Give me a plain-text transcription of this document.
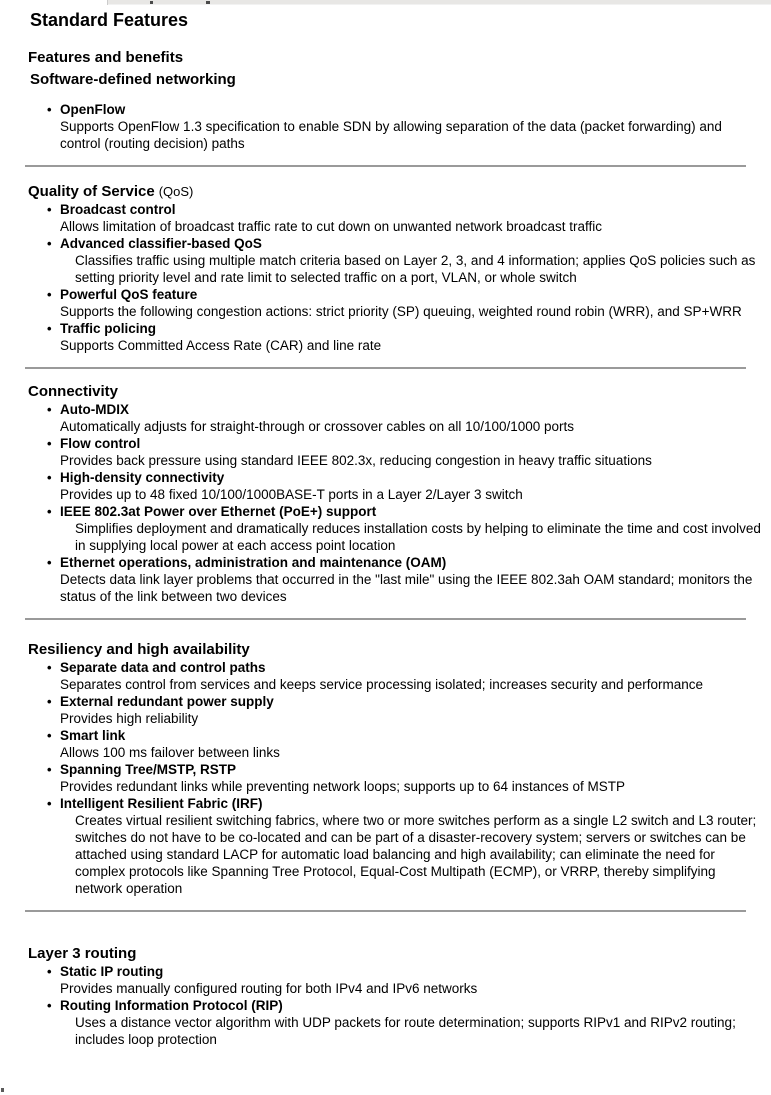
Standard Features
Features and benefits
Software-defined networking
• OpenFlow
Supports OpenFlow 1.3 specification to enable SDN by allowing separation of the data (packet forwarding) and control (routing decision) paths
Quality of Service (QoS)
• Broadcast control
Allows limitation of broadcast traffic rate to cut down on unwanted network broadcast traffic
• Advanced classifier-based QoS
Classifies traffic using multiple match criteria based on Layer 2, 3, and 4 information; applies QoS policies such as setting priority level and rate limit to selected traffic on a port, VLAN, or whole switch
• Powerful QoS feature
Supports the following congestion actions: strict priority (SP) queuing, weighted round robin (WRR), and SP+WRR
• Traffic policing
Supports Committed Access Rate (CAR) and line rate
Connectivity
• Auto-MDIX
Automatically adjusts for straight-through or crossover cables on all 10/100/1000 ports
• Flow control
Provides back pressure using standard IEEE 802.3x, reducing congestion in heavy traffic situations
• High-density connectivity
Provides up to 48 fixed 10/100/1000BASE-T ports in a Layer 2/Layer 3 switch
• IEEE 802.3at Power over Ethernet (PoE+) support
Simplifies deployment and dramatically reduces installation costs by helping to eliminate the time and cost involved in supplying local power at each access point location
• Ethernet operations, administration and maintenance (OAM)
Detects data link layer problems that occurred in the "last mile" using the IEEE 802.3ah OAM standard; monitors the status of the link between two devices
Resiliency and high availability
• Separate data and control paths
Separates control from services and keeps service processing isolated; increases security and performance
• External redundant power supply
Provides high reliability
• Smart link
Allows 100 ms failover between links
• Spanning Tree/MSTP, RSTP
Provides redundant links while preventing network loops; supports up to 64 instances of MSTP
• Intelligent Resilient Fabric (IRF)
Creates virtual resilient switching fabrics, where two or more switches perform as a single L2 switch and L3 router; switches do not have to be co-located and can be part of a disaster-recovery system; servers or switches can be attached using standard LACP for automatic load balancing and high availability; can eliminate the need for complex protocols like Spanning Tree Protocol, Equal-Cost Multipath (ECMP), or VRRP, thereby simplifying network operation
Layer 3 routing
• Static IP routing
Provides manually configured routing for both IPv4 and IPv6 networks
• Routing Information Protocol (RIP)
Uses a distance vector algorithm with UDP packets for route determination; supports RIPv1 and RIPv2 routing; includes loop protection
